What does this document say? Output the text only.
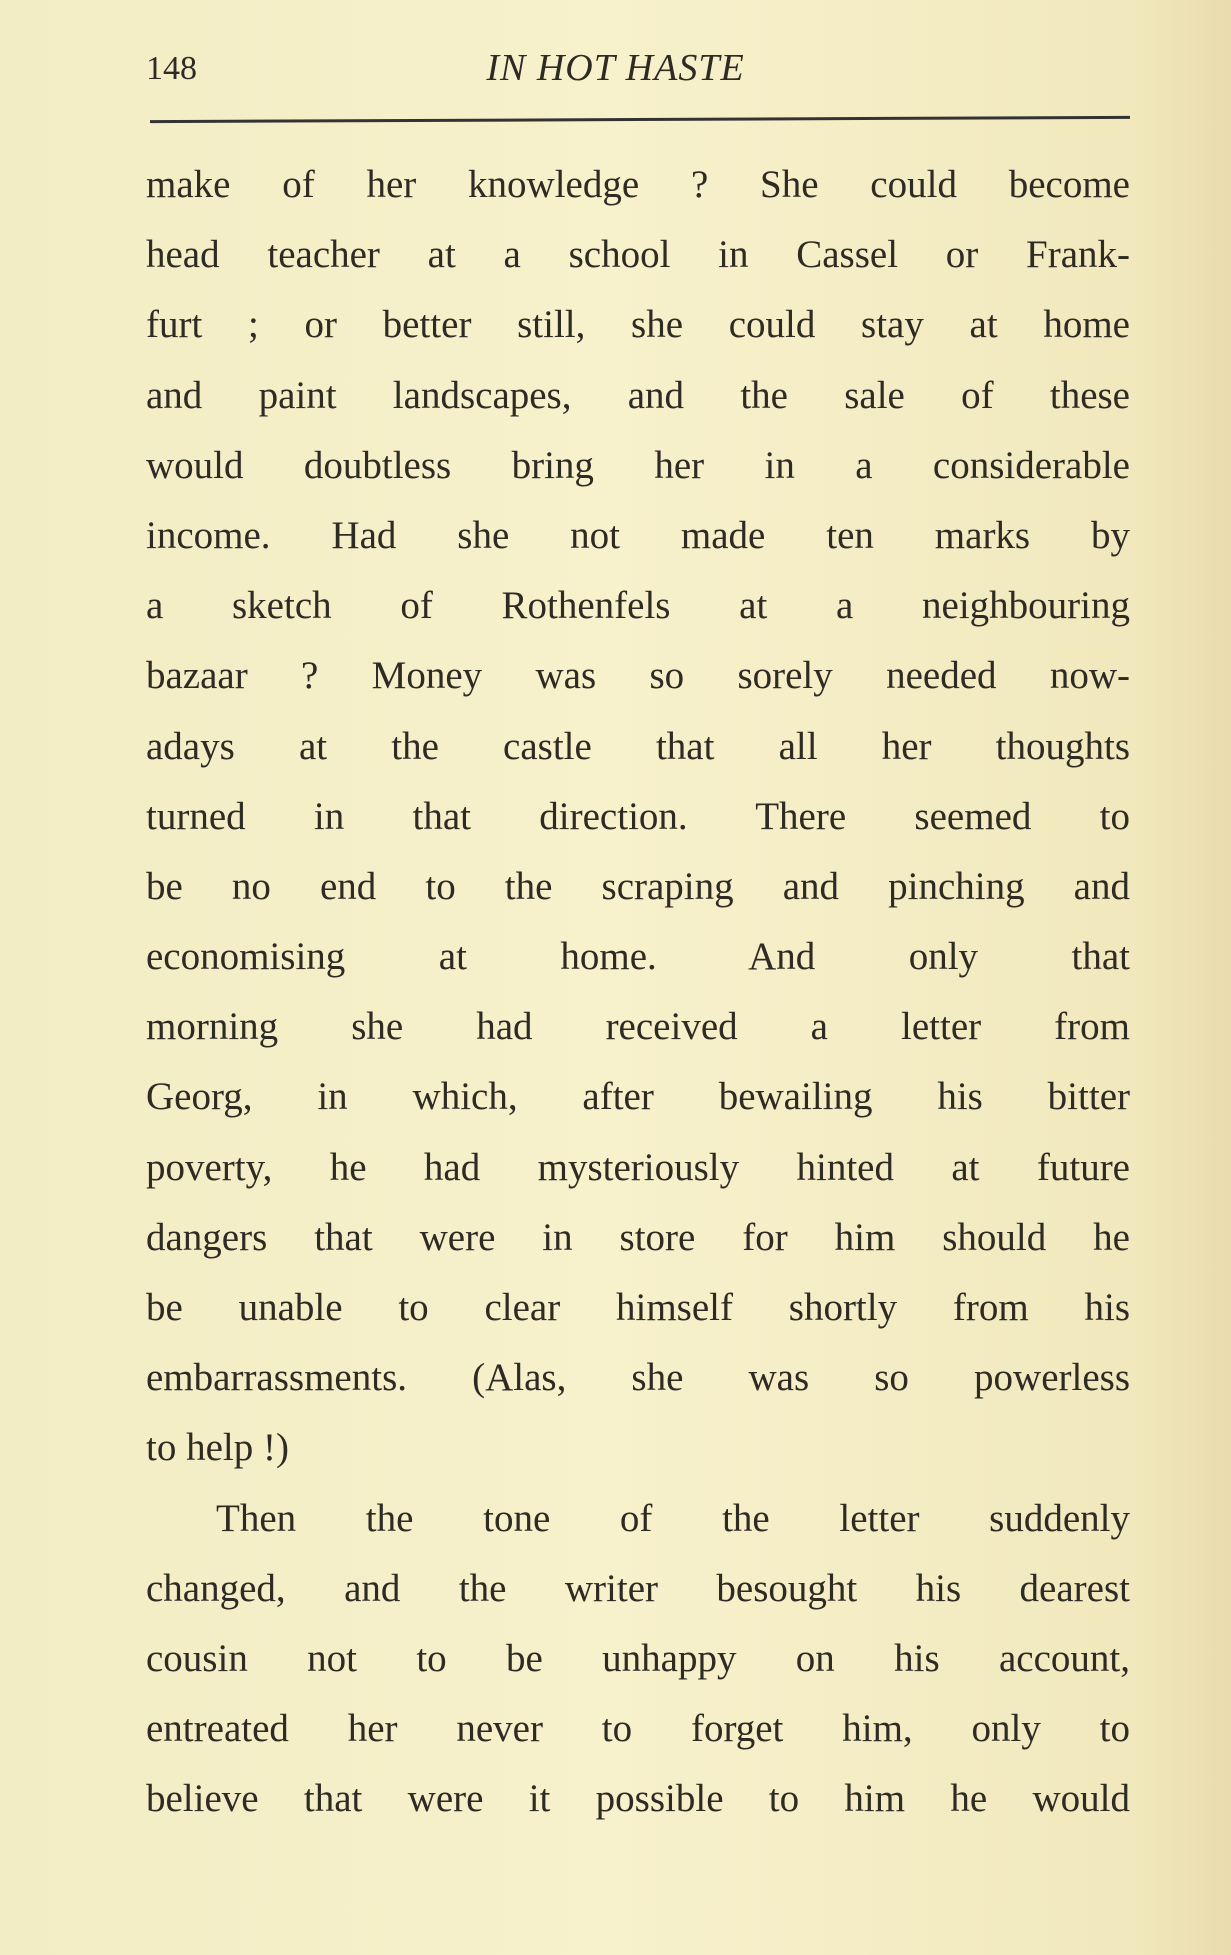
148	IN HOT HASTE
make of her knowledge ? She could become
head teacher at a school in Cassel or Frank-
furt ; or better still, she could stay at home
and paint landscapes, and the sale of these
would doubtless bring her in a considerable
income. Had she not made ten marks by
a sketch of Rothenfels at a neighbouring
bazaar ? Money was so sorely needed now-
adays at the castle that all her thoughts
turned in that direction. There seemed to
be no end to the scraping and pinching and
economising at home. And only that
morning she had received a letter from
Georg, in which, after bewailing his bitter
poverty, he had mysteriously hinted at future
dangers that were in store for him should he
be unable to clear himself shortly from his
embarrassments. (Alas, she was so powerless
to help !)
Then the tone of the letter suddenly
changed, and the writer besought his dearest
cousin not to be unhappy on his account,
entreated her never to forget him, only to
believe that were it possible to him he would
